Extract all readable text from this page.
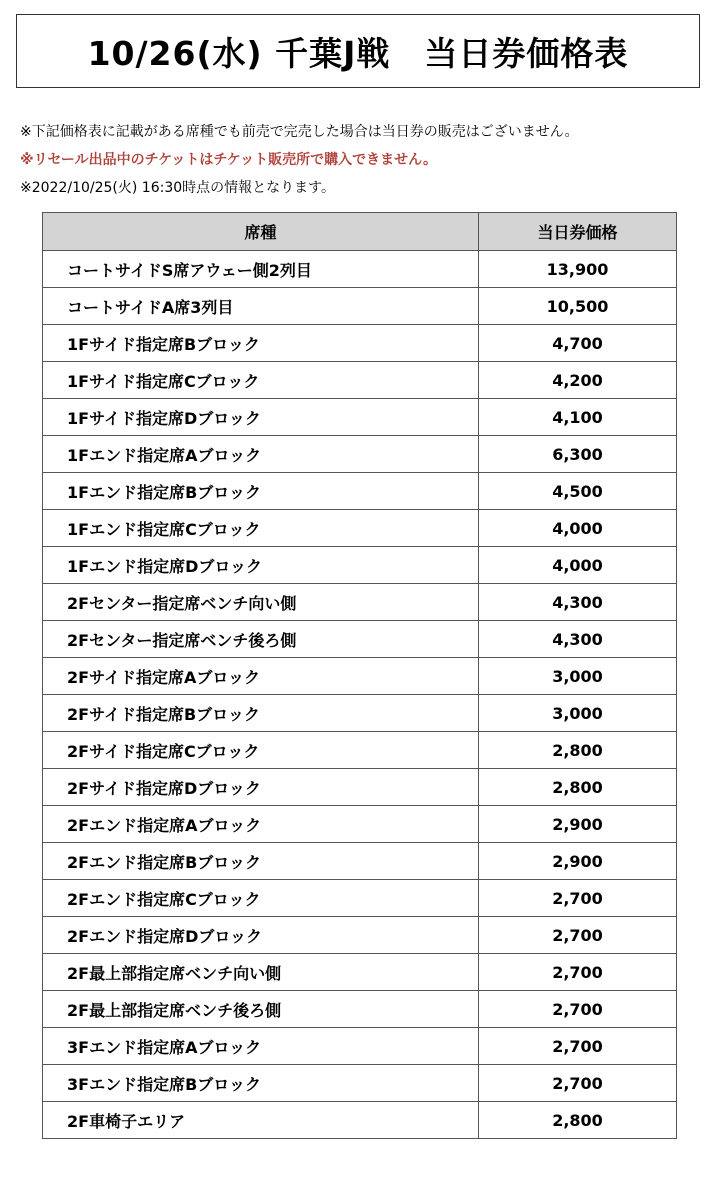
10/26(水) 千葉J戦　当日券価格表
※下記価格表に記載がある席種でも前売で完売した場合は当日券の販売はございません。
※リセール出品中のチケットはチケット販売所で購入できません。
※2022/10/25(火) 16:30時点の情報となります。
席種	当日券価格
コートサイドS席アウェー側2列目	13,900
コートサイドA席3列目	10,500
1Fサイド指定席Bブロック	4,700
1Fサイド指定席Cブロック	4,200
1Fサイド指定席Dブロック	4,100
1Fエンド指定席Aブロック	6,300
1Fエンド指定席Bブロック	4,500
1Fエンド指定席Cブロック	4,000
1Fエンド指定席Dブロック	4,000
2Fセンター指定席ベンチ向い側	4,300
2Fセンター指定席ベンチ後ろ側	4,300
2Fサイド指定席Aブロック	3,000
2Fサイド指定席Bブロック	3,000
2Fサイド指定席Cブロック	2,800
2Fサイド指定席Dブロック	2,800
2Fエンド指定席Aブロック	2,900
2Fエンド指定席Bブロック	2,900
2Fエンド指定席Cブロック	2,700
2Fエンド指定席Dブロック	2,700
2F最上部指定席ベンチ向い側	2,700
2F最上部指定席ベンチ後ろ側	2,700
3Fエンド指定席Aブロック	2,700
3Fエンド指定席Bブロック	2,700
2F車椅子エリア	2,800
